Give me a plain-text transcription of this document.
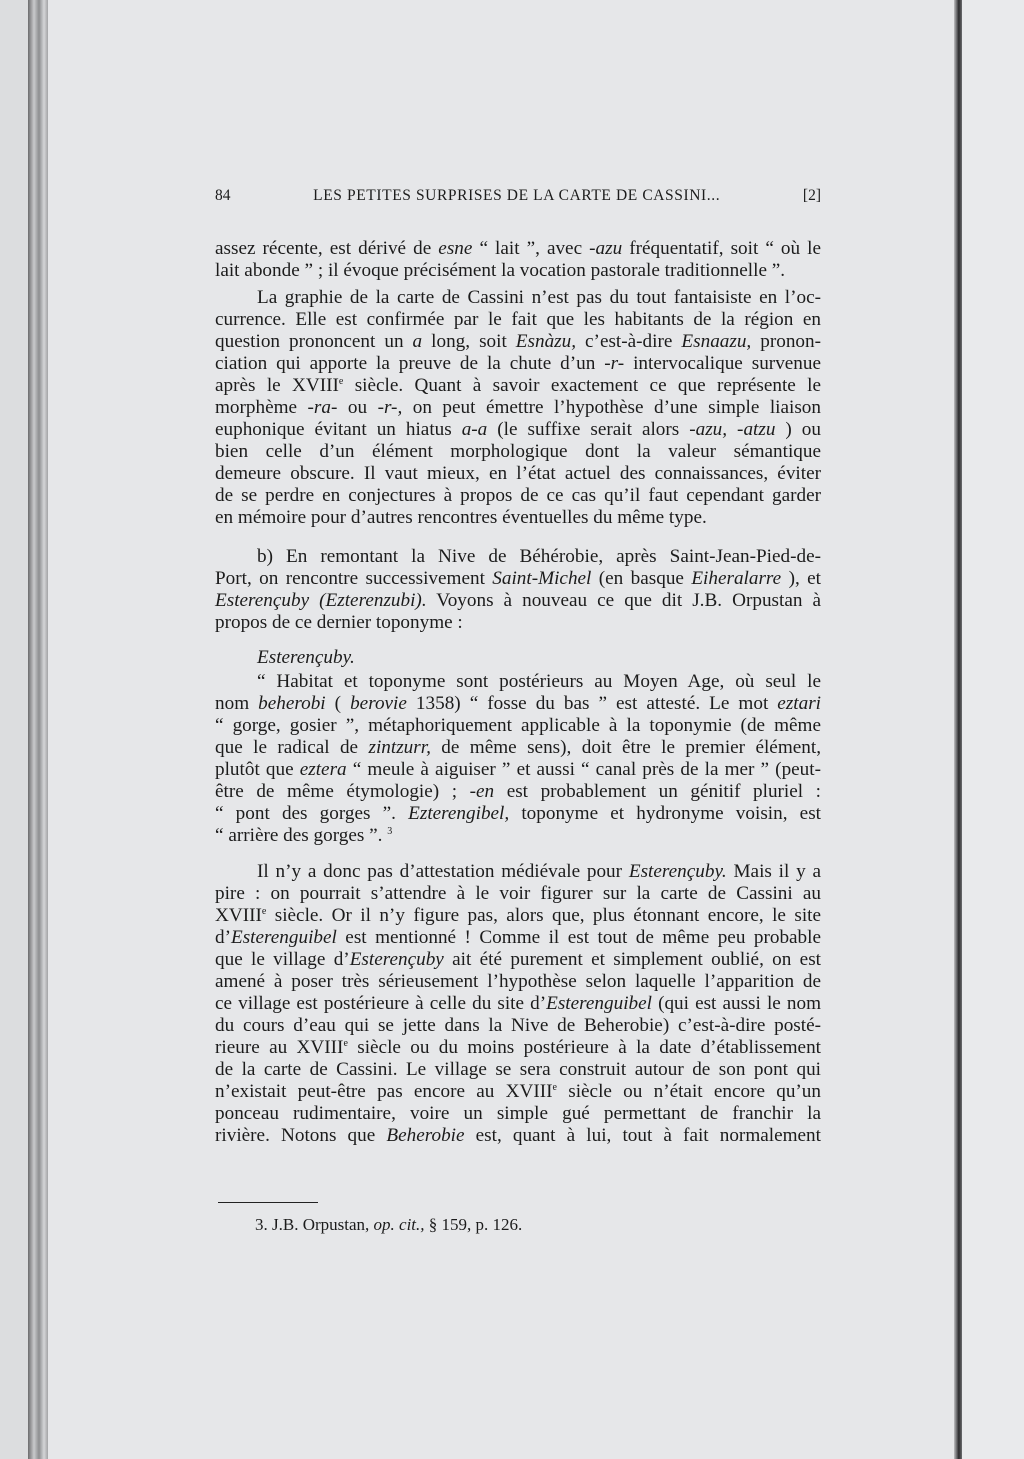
84	LES PETITES SURPRISES DE LA CARTE DE CASSINI...	[2]
assez récente, est dérivé de esne “ lait ”, avec -azu fréquentatif, soit “ où le
lait abonde ” ; il évoque précisément la vocation pastorale traditionnelle ”.
La graphie de la carte de Cassini n’est pas du tout fantaisiste en l’oc-
currence. Elle est confirmée par le fait que les habitants de la région en
question prononcent un a long, soit Esnàzu, c’est-à-dire Esnaazu, pronon-
ciation qui apporte la preuve de la chute d’un -r- intervocalique survenue
après le XVIIIe siècle. Quant à savoir exactement ce que représente le
morphème -ra- ou -r-, on peut émettre l’hypothèse d’une simple liaison
euphonique évitant un hiatus a-a (le suffixe serait alors -azu, -atzu ) ou
bien celle d’un élément morphologique dont la valeur sémantique
demeure obscure. Il vaut mieux, en l’état actuel des connaissances, éviter
de se perdre en conjectures à propos de ce cas qu’il faut cependant garder
en mémoire pour d’autres rencontres éventuelles du même type.
b) En remontant la Nive de Béhérobie, après Saint-Jean-Pied-de-
Port, on rencontre successivement Saint-Michel (en basque Eiheralarre ), et
Esterençuby (Ezterenzubi). Voyons à nouveau ce que dit J.B. Orpustan à
propos de ce dernier toponyme :
Esterençuby.
“ Habitat et toponyme sont postérieurs au Moyen Age, où seul le
nom beherobi ( berovie 1358) “ fosse du bas ” est attesté. Le mot eztari
“ gorge, gosier ”, métaphoriquement applicable à la toponymie (de même
que le radical de zintzurr, de même sens), doit être le premier élément,
plutôt que eztera “ meule à aiguiser ” et aussi “ canal près de la mer ” (peut-
être de même étymologie) ; -en est probablement un génitif pluriel :
“ pont des gorges ”. Ezterengibel, toponyme et hydronyme voisin, est
“ arrière des gorges ”. $^3$
Il n’y a donc pas d’attestation médiévale pour Esterençuby. Mais il y a
pire : on pourrait s’attendre à le voir figurer sur la carte de Cassini au
XVIIIe siècle. Or il n’y figure pas, alors que, plus étonnant encore, le site
d’Esterenguibel est mentionné ! Comme il est tout de même peu probable
que le village d’Esterençuby ait été purement et simplement oublié, on est
amené à poser très sérieusement l’hypothèse selon laquelle l’apparition de
ce village est postérieure à celle du site d’Esterenguibel (qui est aussi le nom
du cours d’eau qui se jette dans la Nive de Beherobie) c’est-à-dire posté-
rieure au XVIIIe siècle ou du moins postérieure à la date d’établissement
de la carte de Cassini. Le village se sera construit autour de son pont qui
n’existait peut-être pas encore au XVIIIe siècle ou n’était encore qu’un
ponceau rudimentaire, voire un simple gué permettant de franchir la
rivière. Notons que Beherobie est, quant à lui, tout à fait normalement
3. J.B. Orpustan, op. cit., § 159, p. 126.
